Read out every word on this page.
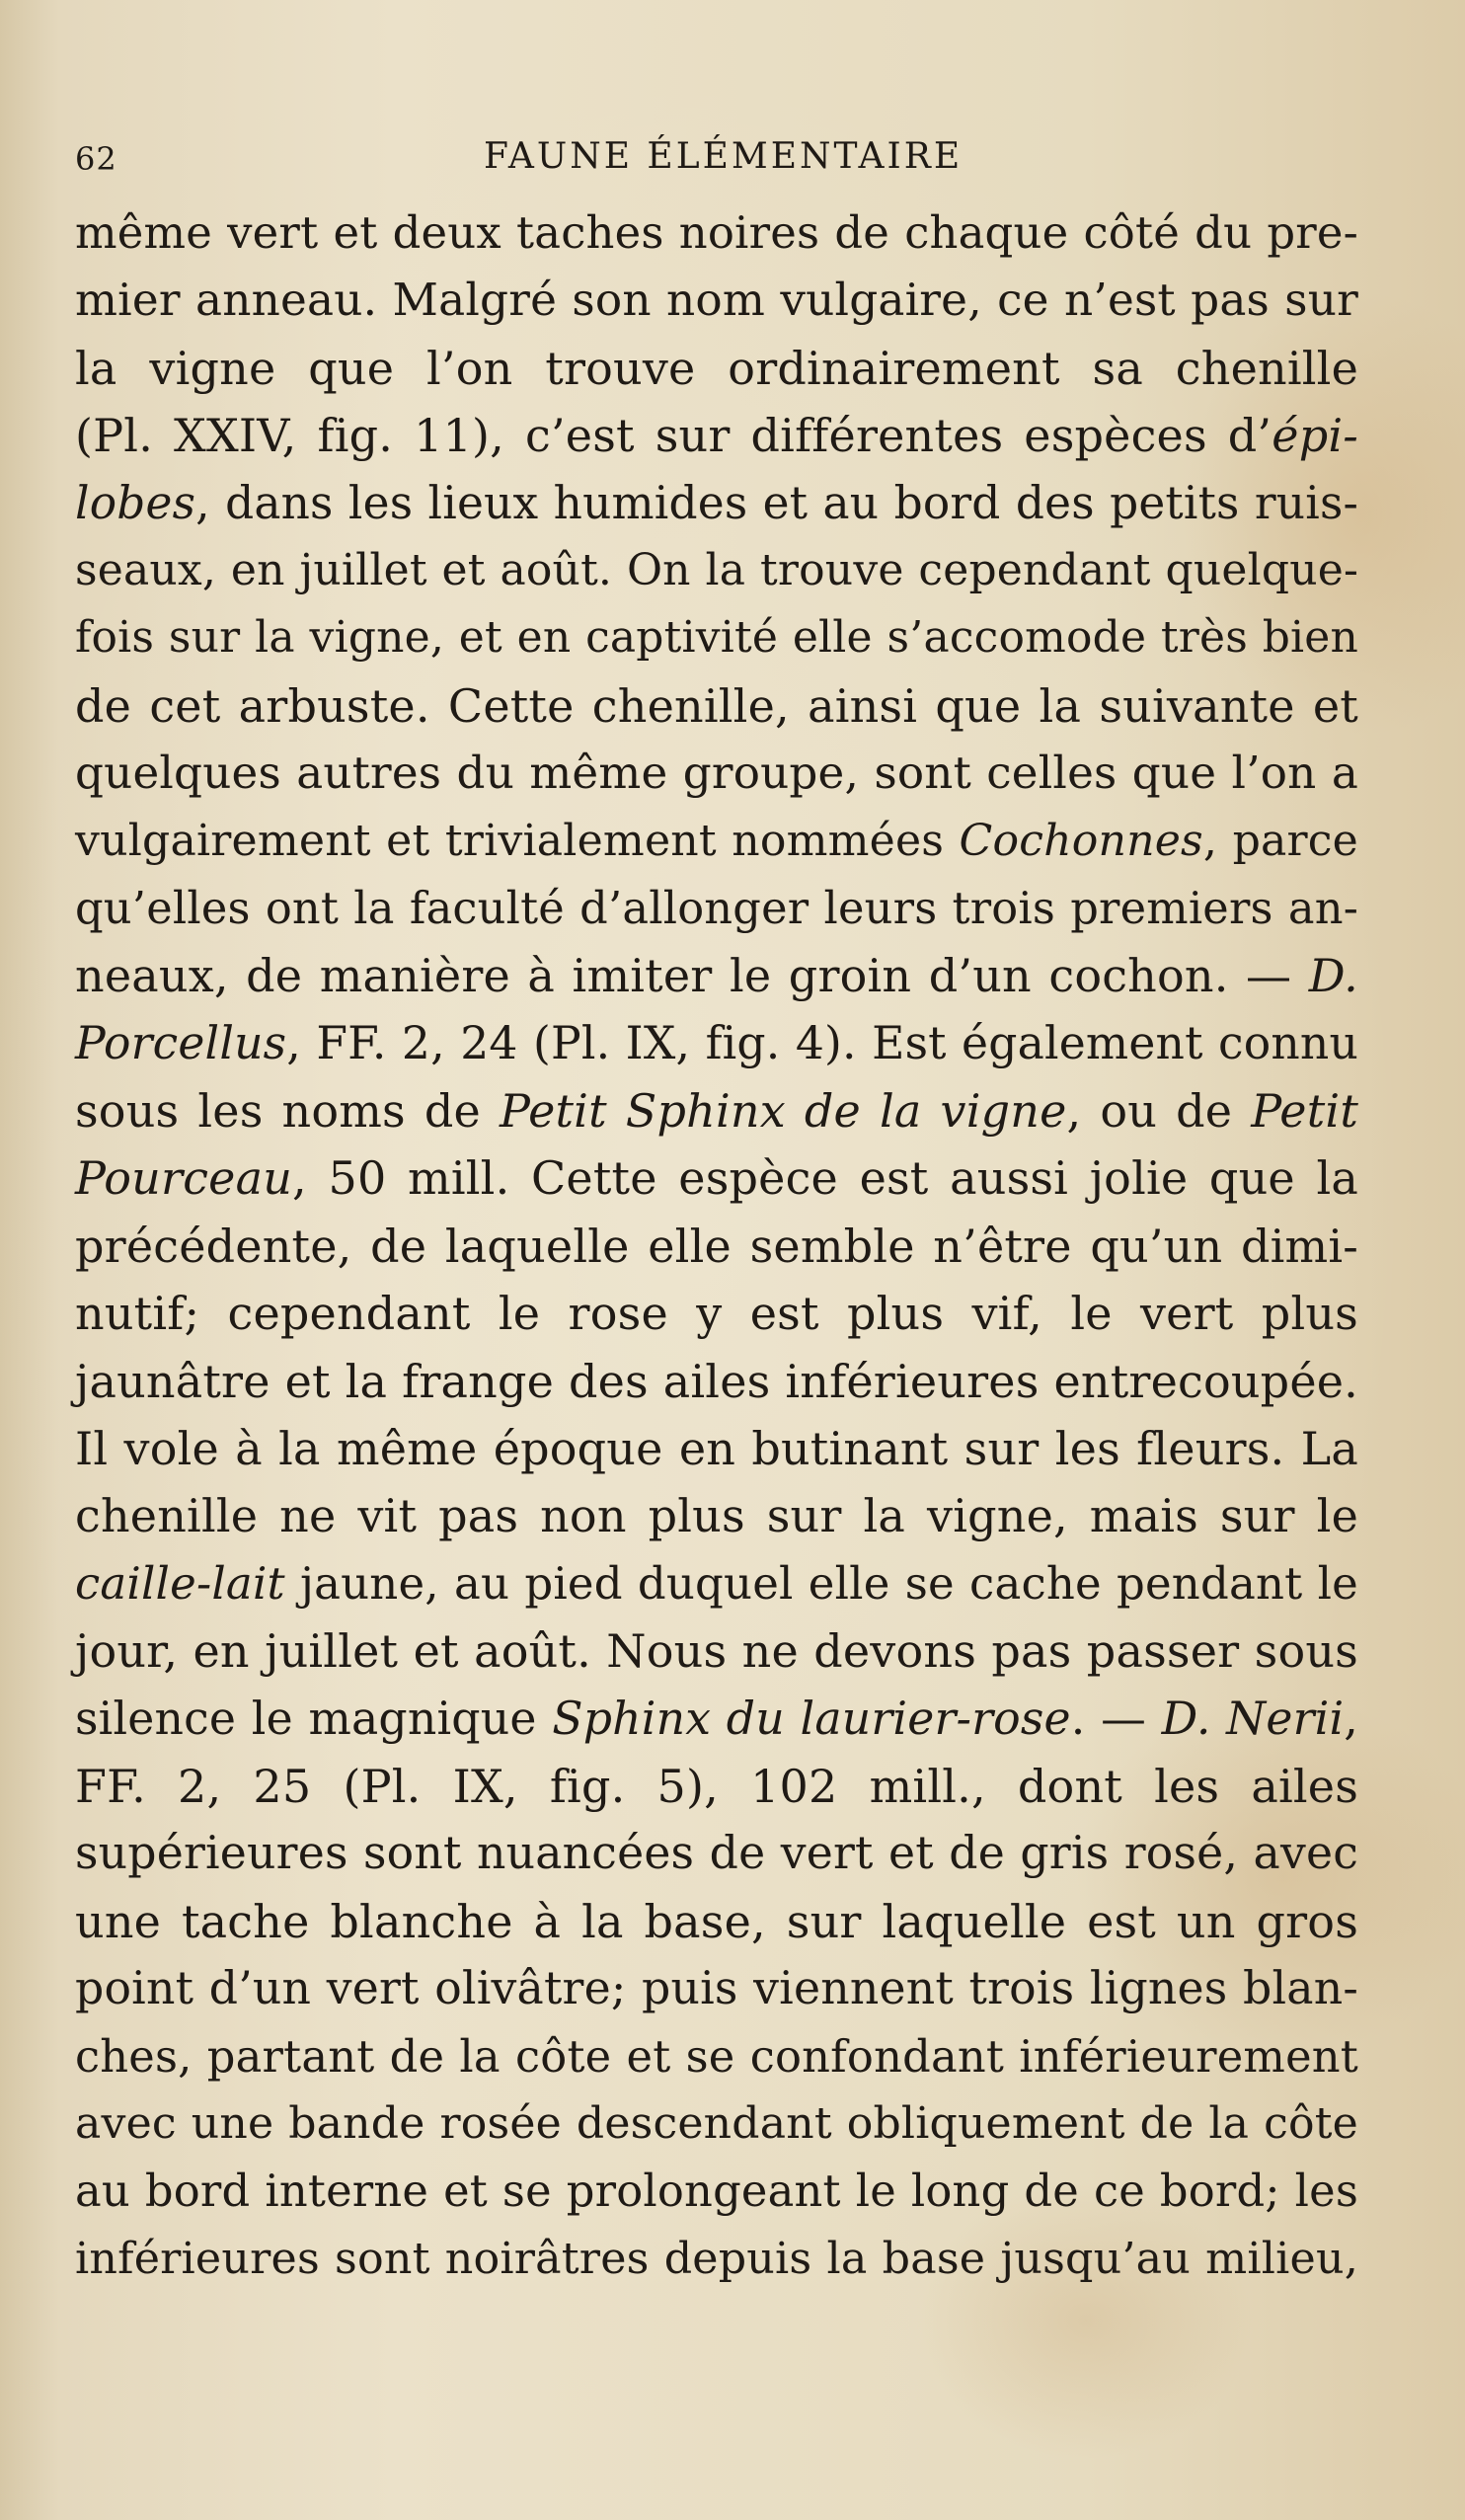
62	FAUNE ÉLÉMENTAIRE
même vert et deux taches noires de chaque côté du pre-
mier anneau. Malgré son nom vulgaire, ce n’est pas sur
la vigne que l’on trouve ordinairement sa chenille
(Pl. XXIV, fig. 11), c’est sur différentes espèces d’épi-
lobes, dans les lieux humides et au bord des petits ruis-
seaux, en juillet et août. On la trouve cependant quelque-
fois sur la vigne, et en captivité elle s’accomode très bien
de cet arbuste. Cette chenille, ainsi que la suivante et
quelques autres du même groupe, sont celles que l’on a
vulgairement et trivialement nommées Cochonnes, parce
qu’elles ont la faculté d’allonger leurs trois premiers an-
neaux, de manière à imiter le groin d’un cochon. — D.
Porcellus, FF. 2, 24 (Pl. IX, fig. 4). Est également connu
sous les noms de Petit Sphinx de la vigne, ou de Petit
Pourceau, 50 mill. Cette espèce est aussi jolie que la
précédente, de laquelle elle semble n’être qu’un dimi-
nutif; cependant le rose y est plus vif, le vert plus
jaunâtre et la frange des ailes inférieures entrecoupée.
Il vole à la même époque en butinant sur les fleurs. La
chenille ne vit pas non plus sur la vigne, mais sur le
caille-lait jaune, au pied duquel elle se cache pendant le
jour, en juillet et août. Nous ne devons pas passer sous
silence le magnique Sphinx du laurier-rose. — D. Nerii,
FF. 2, 25 (Pl. IX, fig. 5), 102 mill., dont les ailes
supérieures sont nuancées de vert et de gris rosé, avec
une tache blanche à la base, sur laquelle est un gros
point d’un vert olivâtre; puis viennent trois lignes blan-
ches, partant de la côte et se confondant inférieurement
avec une bande rosée descendant obliquement de la côte
au bord interne et se prolongeant le long de ce bord; les
inférieures sont noirâtres depuis la base jusqu’au milieu,
